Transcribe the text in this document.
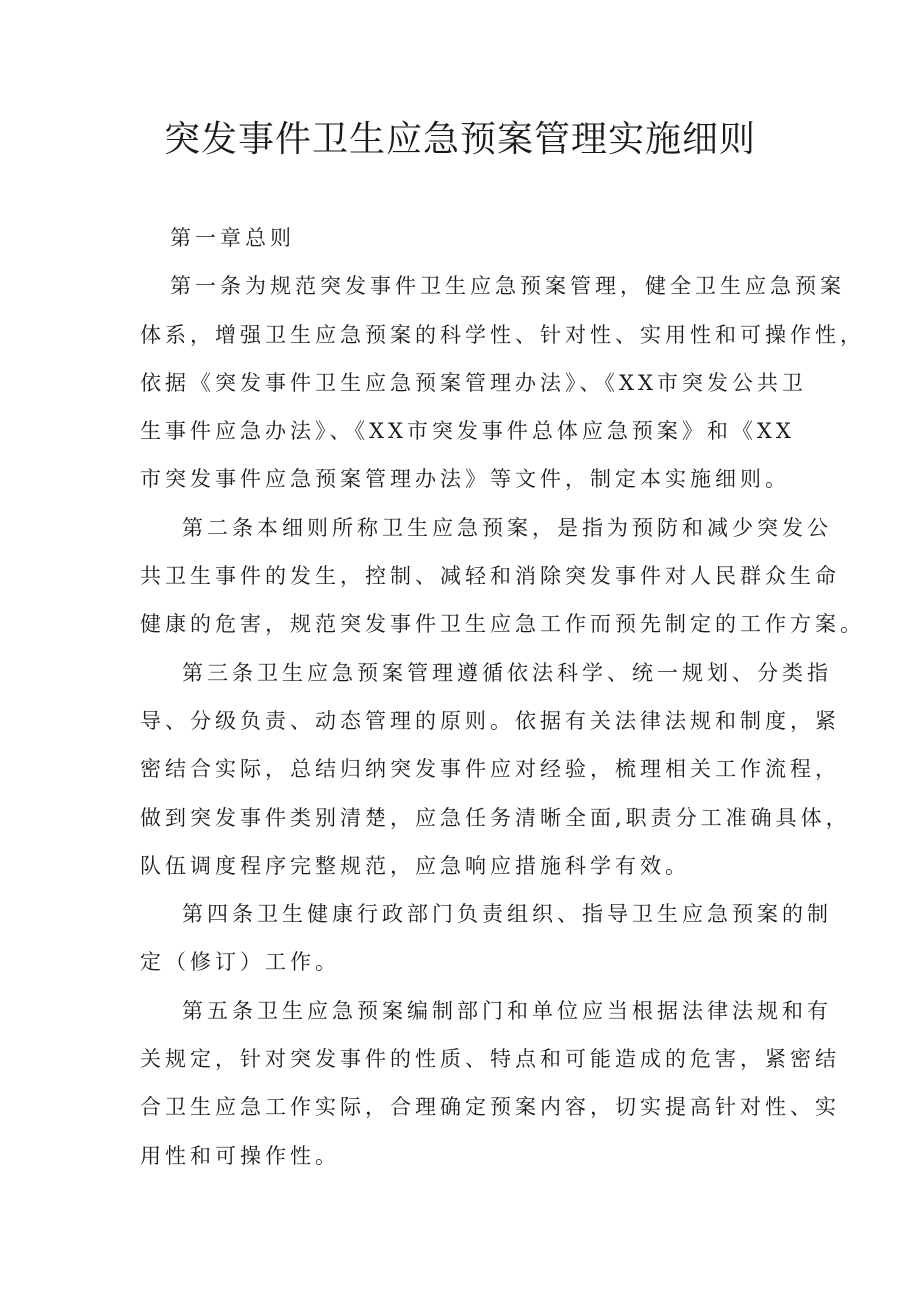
突发事件卫生应急预案管理实施细则
第一章总则
第一条为规范突发事件卫生应急预案管理，健全卫生应急预案
体系，增强卫生应急预案的科学性、针对性、实用性和可操作性，
依据《突发事件卫生应急预案管理办法》、《XX市突发公共卫
生事件应急办法》、《XX市突发事件总体应急预案》和《XX
市突发事件应急预案管理办法》等文件，制定本实施细则。
第二条本细则所称卫生应急预案，是指为预防和减少突发公
共卫生事件的发生，控制、减轻和消除突发事件对人民群众生命
健康的危害，规范突发事件卫生应急工作而预先制定的工作方案。
第三条卫生应急预案管理遵循依法科学、统一规划、分类指
导、分级负责、动态管理的原则。依据有关法律法规和制度，紧
密结合实际，总结归纳突发事件应对经验，梳理相关工作流程，
做到突发事件类别清楚，应急任务清晰全面,职责分工准确具体，
队伍调度程序完整规范，应急响应措施科学有效。
第四条卫生健康行政部门负责组织、指导卫生应急预案的制
定（修订）工作。
第五条卫生应急预案编制部门和单位应当根据法律法规和有
关规定，针对突发事件的性质、特点和可能造成的危害，紧密结
合卫生应急工作实际，合理确定预案内容，切实提高针对性、实
用性和可操作性。
